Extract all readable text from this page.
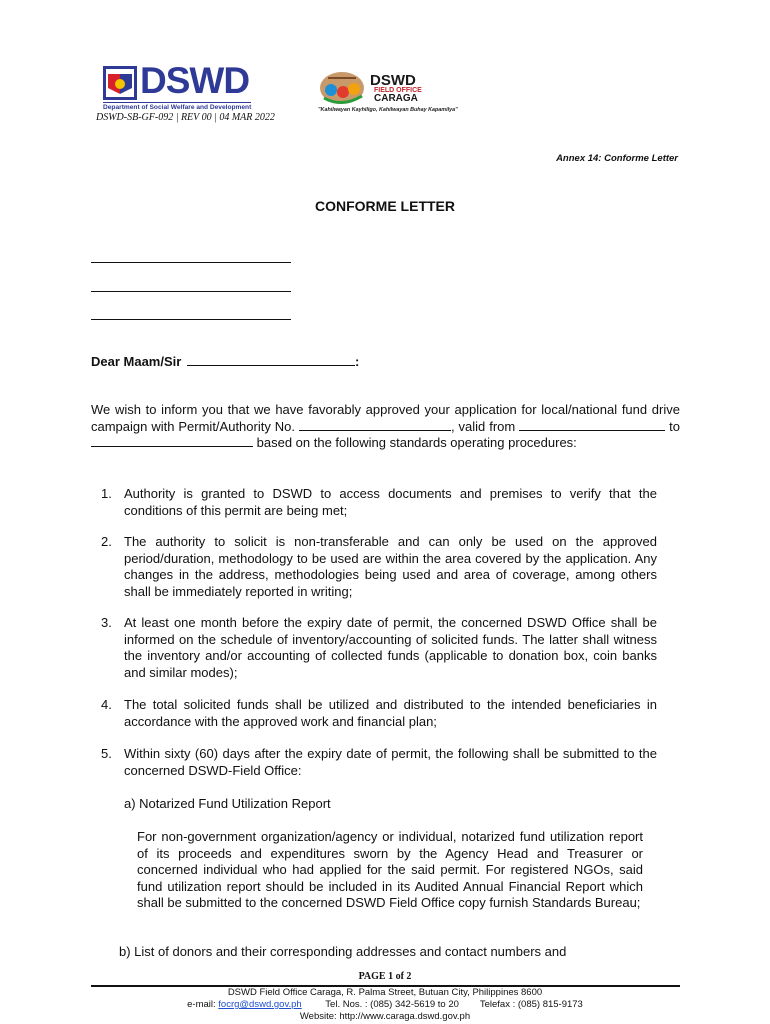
DSWD
Department of Social Welfare and Development
DSWD-SB-GF-092 | REV 00 | 04 MAR 2022
DSWD
FIELD OFFICE
CARAGA
"Kahilwayan Kayhiligo, Kahilwayan Buhay Kapamilya"
Annex 14: Conforme Letter
CONFORME LETTER
Dear Maam/Sir	:
We wish to inform you that we have favorably approved your application for local/national fund drive campaign with Permit/Authority No.	, valid from	to  based on the following standards operating procedures:
1. Authority is granted to DSWD to access documents and premises to verify that the conditions of this permit are being met;
2. The authority to solicit is non-transferable and can only be used on the approved period/duration, methodology to be used are within the area covered by the application. Any changes in the address, methodologies being used and area of coverage, among others shall be immediately reported in writing;
3. At least one month before the expiry date of permit, the concerned DSWD Office shall be informed on the schedule of inventory/accounting of solicited funds. The latter shall witness the inventory and/or accounting of collected funds (applicable to donation box, coin banks and similar modes);
4. The total solicited funds shall be utilized and distributed to the intended beneficiaries in accordance with the approved work and financial plan;
5. Within sixty (60) days after the expiry date of permit, the following shall be submitted to the concerned DSWD-Field Office:
a) Notarized Fund Utilization Report
For non-government organization/agency or individual, notarized fund utilization report of its proceeds and expenditures sworn by the Agency Head and Treasurer or concerned individual who had applied for the said permit. For registered NGOs, said fund utilization report should be included in its Audited Annual Financial Report which shall be submitted to the concerned DSWD Field Office copy furnish Standards Bureau;
b) List of donors and their corresponding addresses and contact numbers and
PAGE 1 of 2
DSWD Field Office Caraga, R. Palma Street, Butuan City, Philippines 8600
e-mail: focrg@dswd.gov.ph Tel. Nos. : (085) 342-5619 to 20 Telefax : (085) 815-9173
Website: http://www.caraga.dswd.gov.ph
